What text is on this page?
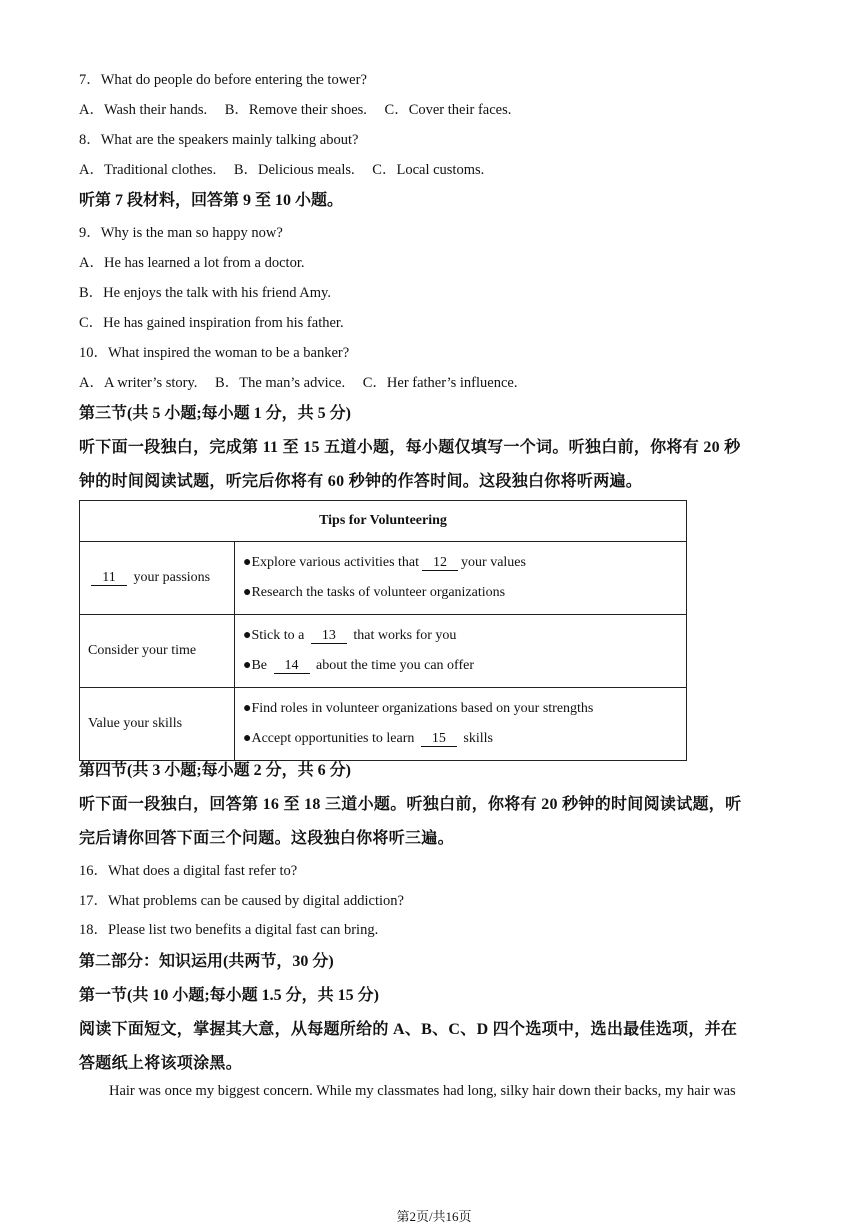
7．What do people do before entering the tower?
A．Wash their hands. B．Remove their shoes. C．Cover their faces.
8．What are the speakers mainly talking about?
A．Traditional clothes. B．Delicious meals. C．Local customs.
听第 7 段材料，回答第 9 至 10 小题。
9．Why is the man so happy now?
A．He has learned a lot from a doctor.
B．He enjoys the talk with his friend Amy.
C．He has gained inspiration from his father.
10．What inspired the woman to be a banker?
A．A writer’s story. B．The man’s advice. C．Her father’s influence.
第三节(共 5 小题;每小题 1 分，共 5 分)
听下面一段独白，完成第 11 至 15 五道小题，每小题仅填写一个词。听独白前，你将有 20 秒
钟的时间阅读试题，听完后你将有 60 秒钟的作答时间。这段独白你将听两遍。
Tips for Volunteering	
11 your passions	●Explore various activities that 12 your values
●Research the tasks of volunteer organizations

Consider your time	●Stick to a 13 that works for you
●Be 14 about the time you can offer

Value your skills	●Find roles in volunteer organizations based on your strengths
●Accept opportunities to learn 15 skills
第四节(共 3 小题;每小题 2 分，共 6 分)
听下面一段独白，回答第 16 至 18 三道小题。听独白前，你将有 20 秒钟的时间阅读试题，听
完后请你回答下面三个问题。这段独白你将听三遍。
16．What does a digital fast refer to?
17．What problems can be caused by digital addiction?
18．Please list two benefits a digital fast can bring.
第二部分：知识运用(共两节，30 分)
第一节(共 10 小题;每小题 1.5 分，共 15 分)
阅读下面短文，掌握其大意，从每题所给的 A、B、C、D 四个选项中，选出最佳选项，并在
答题纸上将该项涂黑。
Hair was once my biggest concern. While my classmates had long, silky hair down their backs, my hair was
第2页/共16页
